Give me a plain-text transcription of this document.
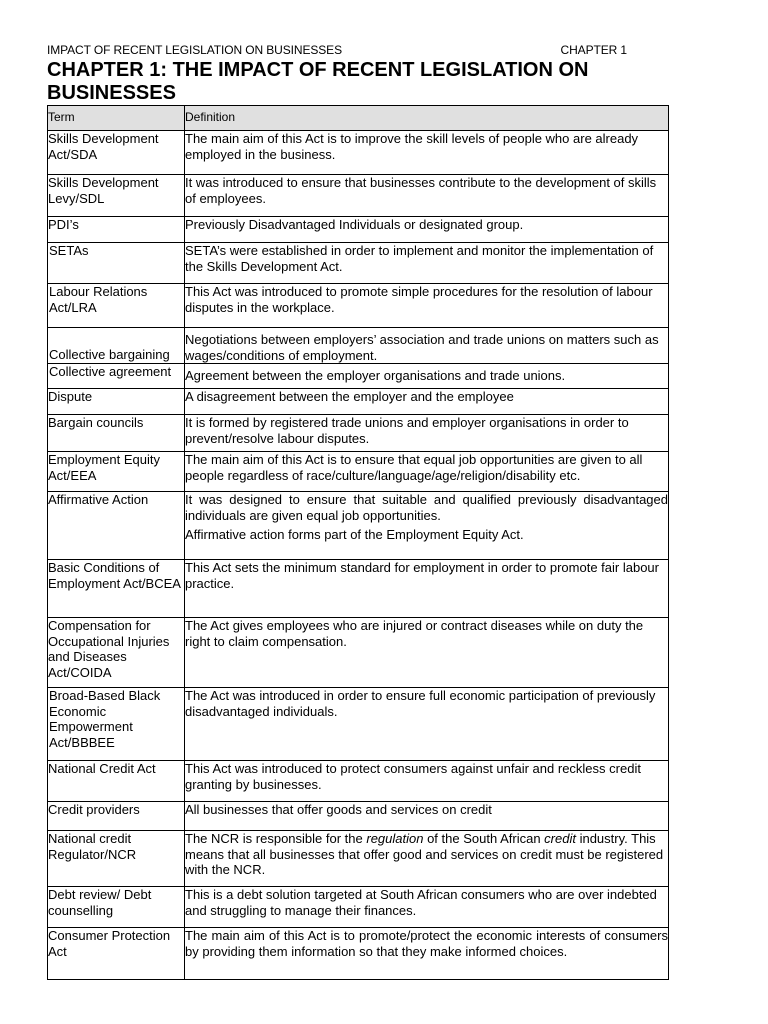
IMPACT OF RECENT LEGISLATION ON BUSINESSES	CHAPTER 1
CHAPTER 1: THE IMPACT OF RECENT LEGISLATION ON BUSINESSES
Term	Definition
Skills Development Act/SDA	The main aim of this Act is to improve the skill levels of people who are already employed in the business.
Skills Development Levy/SDL	It was introduced to ensure that businesses contribute to the development of skills of employees.
PDI’s	Previously Disadvantaged Individuals or designated group.
SETAs	SETA’s were established in order to implement and monitor the implementation of the Skills Development Act.
Labour Relations Act/LRA	This Act was introduced to promote simple procedures for the resolution of labour disputes in the workplace.
Collective bargaining	Negotiations between employers’ association and trade unions on matters such as wages/conditions of employment.
Collective agreement	Agreement between the employer organisations and trade unions.
Dispute	A disagreement between the employer and the employee
Bargain councils	It is formed by registered trade unions and employer organisations in order to prevent/resolve labour disputes.
Employment Equity Act/EEA	The main aim of this Act is to ensure that equal job opportunities are given to all people regardless of race/culture/language/age/religion/disability etc.
Affirmative Action	It was designed to ensure that suitable and qualified previously disadvantaged individuals are given equal job opportunities.

Affirmative action forms part of the Employment Equity Act.

Basic Conditions of Employment Act/BCEA	This Act sets the minimum standard for employment in order to promote fair labour practice.

Compensation for Occupational Injuries and Diseases Act/COIDA	The Act gives employees who are injured or contract diseases while on duty the right to claim compensation.
Broad-Based Black Economic Empowerment Act/BBBEE	The Act was introduced in order to ensure full economic participation of previously disadvantaged individuals.
National Credit Act	This Act was introduced to protect consumers against unfair and reckless credit granting by businesses.
Credit providers	All businesses that offer goods and services on credit
National credit Regulator/NCR	The NCR is responsible for the regulation of the South African credit industry. This means that all businesses that offer good and services on credit must be registered with the NCR.
Debt review/ Debt counselling	This is a debt solution targeted at South African consumers who are over indebted and struggling to manage their finances.
Consumer Protection Act	The main aim of this Act is to promote/protect the economic interests of consumers by providing them information so that they make informed choices.
